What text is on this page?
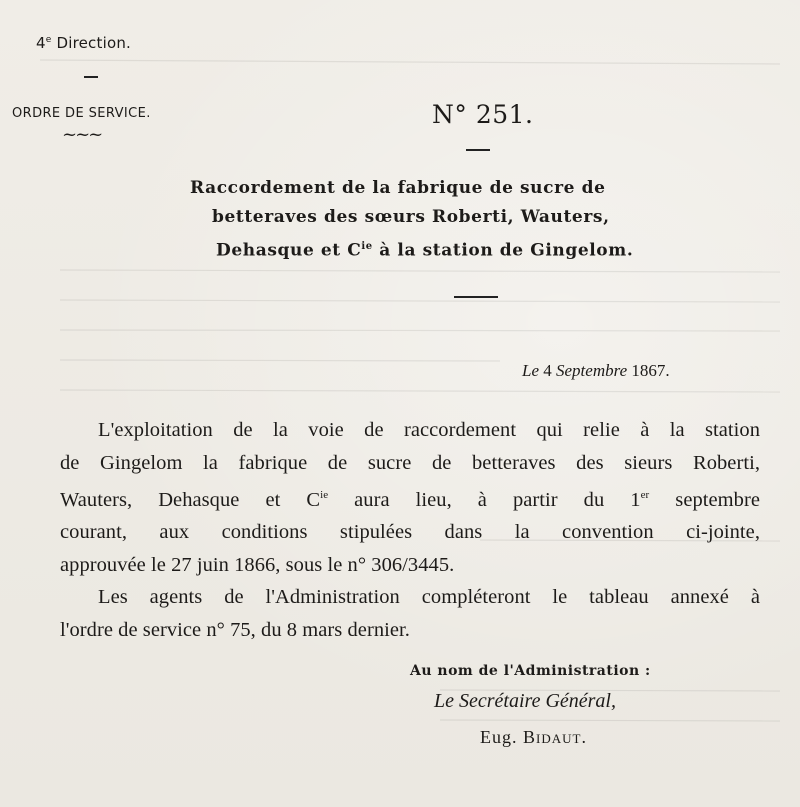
4e Direction.
ORDRE DE SERVICE.
~~~
N° 251.
Raccordement de la fabrique de sucre de
betteraves des sœurs Roberti, Wauters,
Dehasque et $C^{ie}$ à la station de Gingelom.
Le 4 Septembre 1867.
L'exploitation de la voie de raccordement qui relie à la station
de Gingelom la fabrique de sucre de betteraves des sieurs Roberti,
Wauters, Dehasque et $C^{ie}$ aura lieu, à partir du 1er septembre
courant, aux conditions stipulées dans la convention ci-jointe,
approuvée le 27 juin 1866, sous le n° 306/3445.
Les agents de l'Administration compléteront le tableau annexé à
l'ordre de service n° 75, du 8 mars dernier.
Au nom de l'Administration :
Le Secrétaire Général,
Eug. Bidaut.
